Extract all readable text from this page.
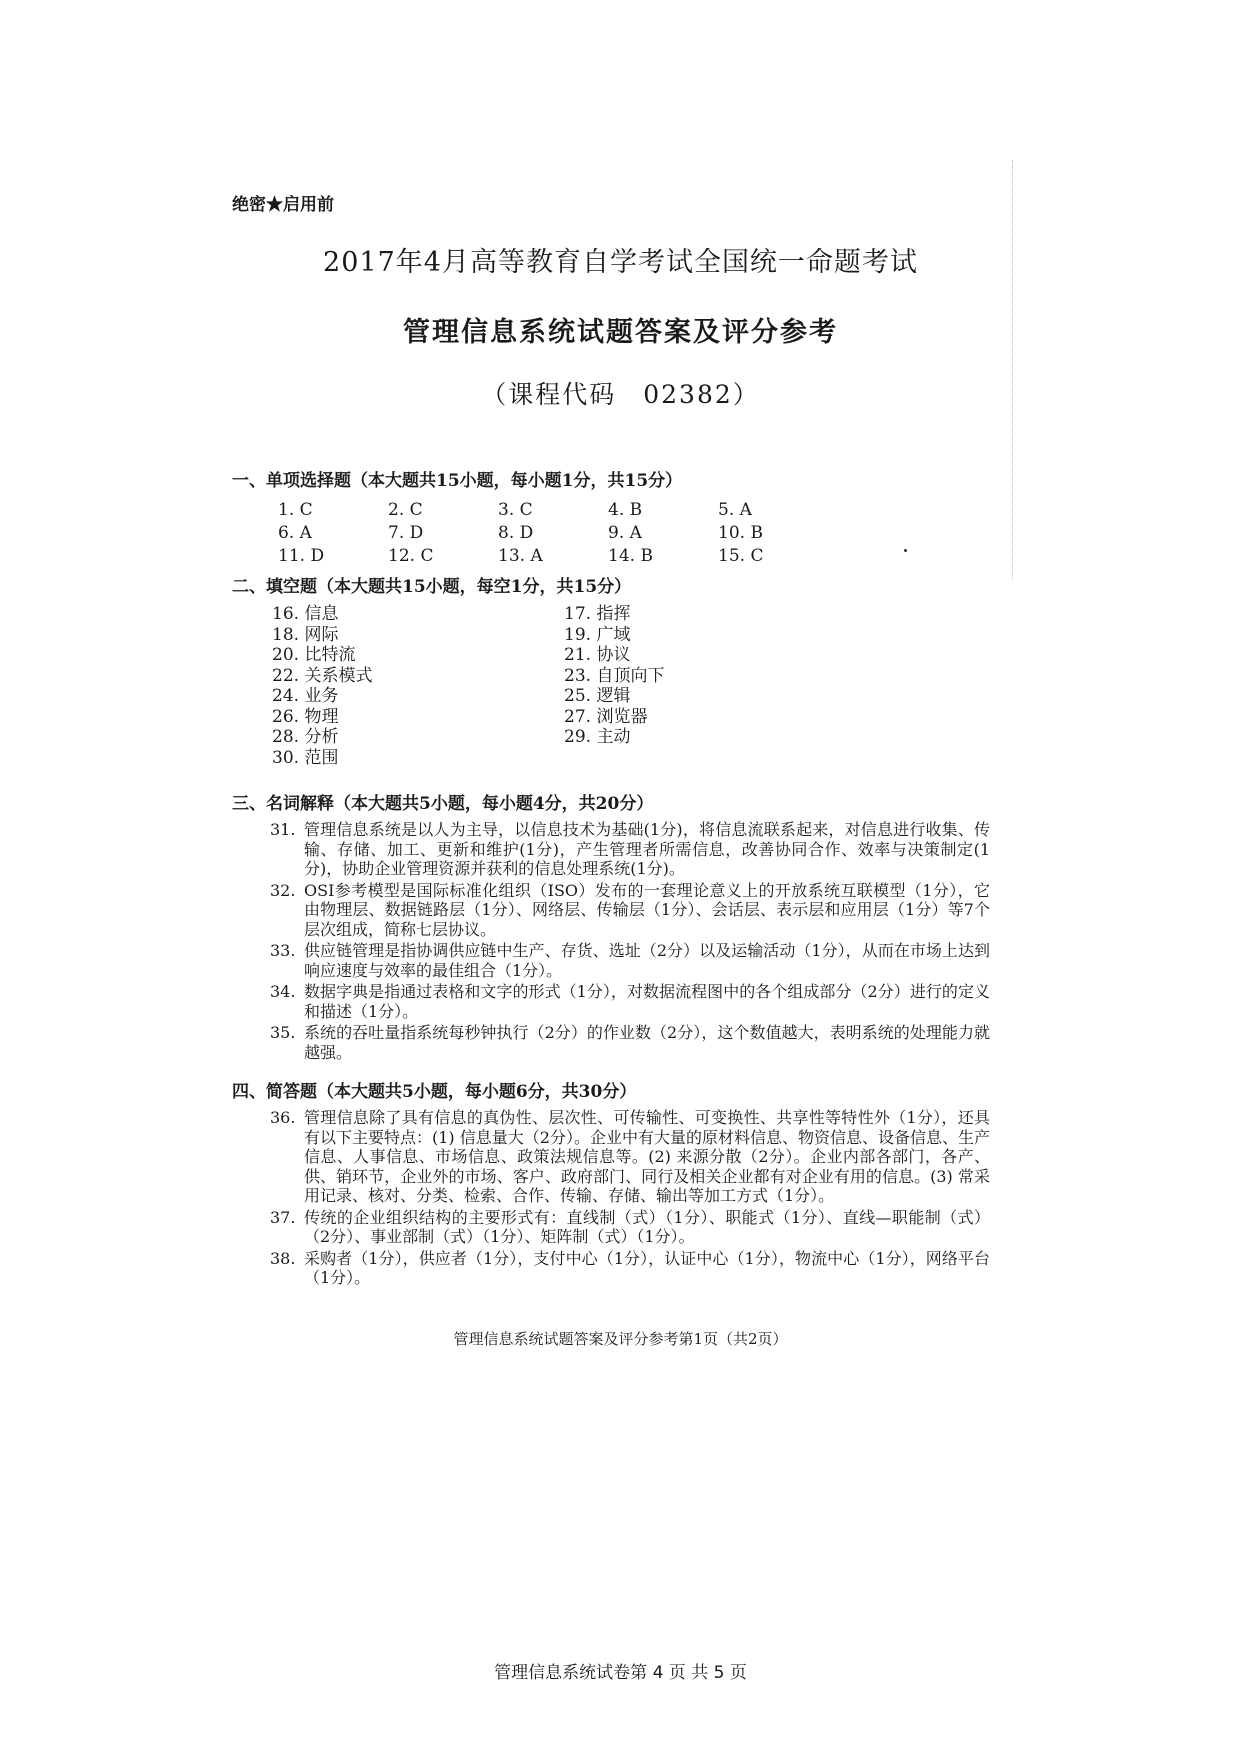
绝密★启用前
2017年4月高等教育自学考试全国统一命题考试
管理信息系统试题答案及评分参考
（课程代码　02382）
一、单项选择题（本大题共15小题，每小题1分，共15分）
1. C	2. C	3. C	4. B	5. A
6. A	7. D	8. D	9. A	10. B
11. D	12. C	13. A	14. B	15. C
二、填空题（本大题共15小题，每空1分，共15分）
16. 信息	17. 指挥
18. 网际	19. 广域
20. 比特流	21. 协议
22. 关系模式	23. 自顶向下
24. 业务	25. 逻辑
26. 物理	27. 浏览器
28. 分析	29. 主动
30. 范围
三、名词解释（本大题共5小题，每小题4分，共20分）
31. 管理信息系统是以人为主导，以信息技术为基础(1分)，将信息流联系起来，对信息进行收集、传输、存储、加工、更新和维护(1分)，产生管理者所需信息，改善协同合作、效率与决策制定(1分)，协助企业管理资源并获利的信息处理系统(1分)。
32. OSI参考模型是国际标准化组织（ISO）发布的一套理论意义上的开放系统互联模型（1分），它由物理层、数据链路层（1分）、网络层、传输层（1分）、会话层、表示层和应用层（1分）等7个层次组成，简称七层协议。
33. 供应链管理是指协调供应链中生产、存货、选址（2分）以及运输活动（1分），从而在市场上达到响应速度与效率的最佳组合（1分）。
34. 数据字典是指通过表格和文字的形式（1分），对数据流程图中的各个组成部分（2分）进行的定义和描述（1分）。
35. 系统的吞吐量指系统每秒钟执行（2分）的作业数（2分），这个数值越大，表明系统的处理能力就越强。
四、简答题（本大题共5小题，每小题6分，共30分）
36. 管理信息除了具有信息的真伪性、层次性、可传输性、可变换性、共享性等特性外（1分），还具有以下主要特点：(1) 信息量大（2分）。企业中有大量的原材料信息、物资信息、设备信息、生产信息、人事信息、市场信息、政策法规信息等。(2) 来源分散（2分）。企业内部各部门，各产、供、销环节，企业外的市场、客户、政府部门、同行及相关企业都有对企业有用的信息。(3) 常采用记录、核对、分类、检索、合作、传输、存储、输出等加工方式（1分）。
37. 传统的企业组织结构的主要形式有：直线制（式）（1分）、职能式（1分）、直线—职能制（式）（2分）、事业部制（式）（1分）、矩阵制（式）（1分）。
38. 采购者（1分），供应者（1分），支付中心（1分），认证中心（1分），物流中心（1分），网络平台（1分）。
管理信息系统试题答案及评分参考第1页（共2页）
管理信息系统试卷第 4 页 共 5 页
